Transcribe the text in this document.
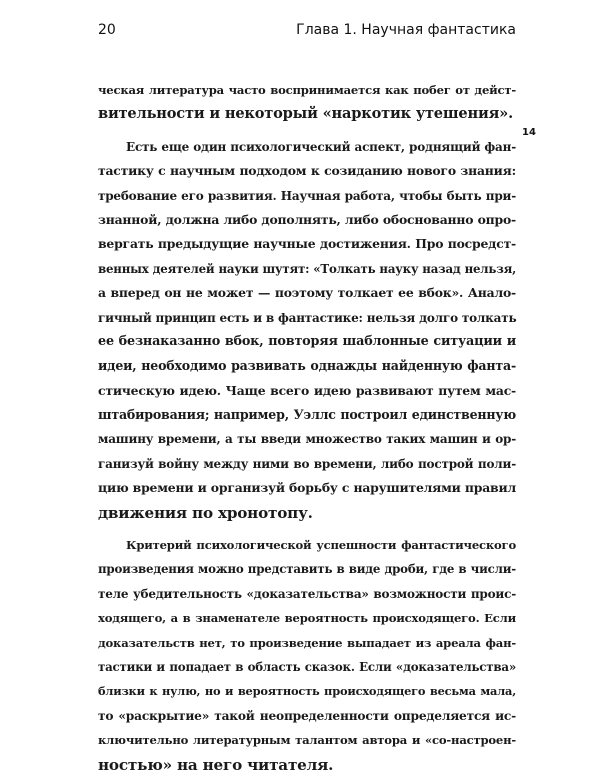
20	Глава 1. Научная фантастика
14
ческая литература часто воспринимается как побег от дейст-
вительности и некоторый «наркотик утешения».
Есть еще один психологический аспект, роднящий фан-
тастику с научным подходом к созиданию нового знания:
требование его развития. Научная работа, чтобы быть при-
знанной, должна либо дополнять, либо обоснованно опро-
вергать предыдущие научные достижения. Про посредст-
венных деятелей науки шутят: «Толкать науку назад нельзя,
а вперед он не может — поэтому толкает ее вбок». Анало-
гичный принцип есть и в фантастике: нельзя долго толкать
ее безнаказанно вбок, повторяя шаблонные ситуации и
идеи, необходимо развивать однажды найденную фанта-
стическую идею. Чаще всего идею развивают путем мас-
штабирования; например, Уэллс построил единственную
машину времени, а ты введи множество таких машин и ор-
ганизуй войну между ними во времени, либо построй поли-
цию времени и организуй борьбу с нарушителями правил
движения по хронотопу.
Критерий психологической успешности фантастического
произведения можно представить в виде дроби, где в числи-
теле убедительность «доказательства» возможности проис-
ходящего, а в знаменателе вероятность происходящего. Если
доказательств нет, то произведение выпадает из ареала фан-
тастики и попадает в область сказок. Если «доказательства»
близки к нулю, но и вероятность происходящего весьма мала,
то «раскрытие» такой неопределенности определяется ис-
ключительно литературным талантом автора и «со-настроен-
ностью» на него читателя.
